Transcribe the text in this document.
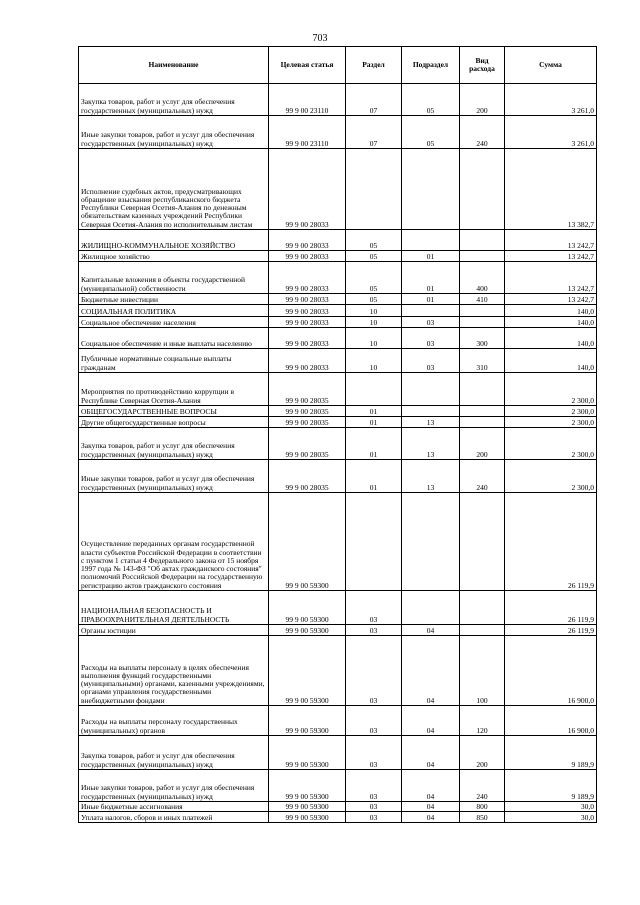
703
Наименование	Целевая статья	Раздел	Подраздел	Вид расхода	Сумма
Закупка товаров, работ и услуг для обеспечения государственных (муниципальных) нужд	99 9 00 23110	07	05	200	3 261,0
Иные закупки товаров, работ и услуг для обеспечения государственных (муниципальных) нужд	99 9 00 23110	07	05	240	3 261,0
Исполнение судебных актов, предусматривающих обращение взыскания республиканского бюджета Республики Северная Осетия-Алания по денежным обязательствам казенных учреждений Республики Северная Осетия-Алания по исполнительным листам	99 9 00 28033				13 382,7
ЖИЛИЩНО-КОММУНАЛЬНОЕ ХОЗЯЙСТВО	99 9 00 28033	05			13 242,7
Жилищное хозяйство	99 9 00 28033	05	01		13 242,7
Капитальные вложения в объекты государственной (муниципальной) собственности	99 9 00 28033	05	01	400	13 242,7
Бюджетные инвестиции	99 9 00 28033	05	01	410	13 242,7
СОЦИАЛЬНАЯ ПОЛИТИКА	99 9 00 28033	10			140,0
Социальное обеспечение населения	99 9 00 28033	10	03		140,0
Социальное обеспечение и иные выплаты населению	99 9 00 28033	10	03	300	140,0
Публичные нормативные социальные выплаты гражданам	99 9 00 28033	10	03	310	140,0
Мероприятия по противодействию коррупции в Республике Северная Осетия-Алания	99 9 00 28035				2 300,0
ОБЩЕГОСУДАРСТВЕННЫЕ ВОПРОСЫ	99 9 00 28035	01			2 300,0
Другие общегосударственные вопросы	99 9 00 28035	01	13		2 300,0
Закупка товаров, работ и услуг для обеспечения государственных (муниципальных) нужд	99 9 00 28035	01	13	200	2 300,0
Иные закупки товаров, работ и услуг для обеспечения государственных (муниципальных) нужд	99 9 00 28035	01	13	240	2 300,0
Осуществление переданных органам государственной власти субъектов Российской Федерации в соответствии с пунктом 1 статьи 4 Федерального закона от 15 ноября 1997 года № 143-ФЗ "Об актах гражданского состояния" полномочий Российской Федерации на государственную регистрацию актов гражданского состояния	99 9 00 59300				26 119,9
НАЦИОНАЛЬНАЯ БЕЗОПАСНОСТЬ И ПРАВООХРАНИТЕЛЬНАЯ ДЕЯТЕЛЬНОСТЬ	99 9 00 59300	03			26 119,9
Органы юстиции	99 9 00 59300	03	04		26 119,9
Расходы на выплаты персоналу в целях обеспечения выполнения функций государственными (муниципальными) органами, казенными учреждениями, органами управления государственными внебюджетными фондами	99 9 00 59300	03	04	100	16 900,0
Расходы на выплаты персоналу государственных (муниципальных) органов	99 9 00 59300	03	04	120	16 900,0
Закупка товаров, работ и услуг для обеспечения государственных (муниципальных) нужд	99 9 00 59300	03	04	200	9 189,9
Иные закупки товаров, работ и услуг для обеспечения государственных (муниципальных) нужд	99 9 00 59300	03	04	240	9 189,9
Иные бюджетные ассигнования	99 9 00 59300	03	04	800	30,0
Уплата налогов, сборов и иных платежей	99 9 00 59300	03	04	850	30,0
